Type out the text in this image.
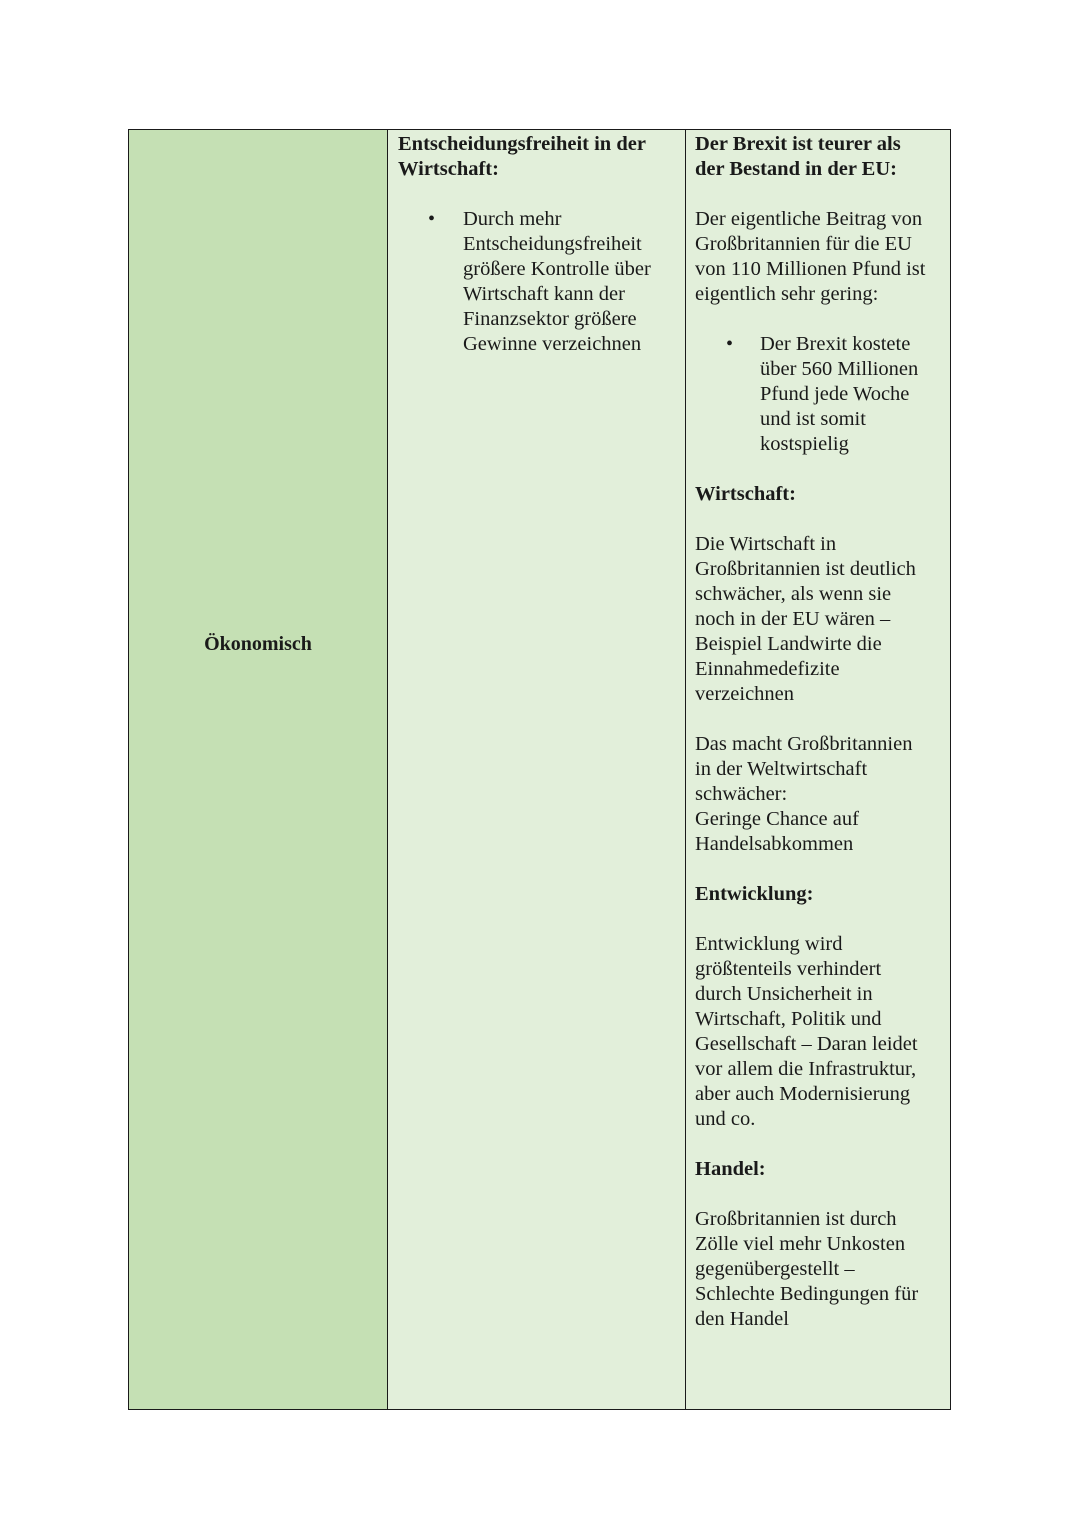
Ökonomisch

Entscheidungsfreiheit in der
Wirtschaft:

• Durch mehr
Entscheidungsfreiheit
größere Kontrolle über
Wirtschaft kann der
Finanzsektor größere
Gewinne verzeichnen

Der Brexit ist teurer als
der Bestand in der EU:

Der eigentliche Beitrag von
Großbritannien für die EU
von 110 Millionen Pfund ist
eigentlich sehr gering:

• Der Brexit kostete
über 560 Millionen
Pfund jede Woche
und ist somit
kostspielig

Wirtschaft:

Die Wirtschaft in
Großbritannien ist deutlich
schwächer, als wenn sie
noch in der EU wären –
Beispiel Landwirte die
Einnahmedefizite
verzeichnen

Das macht Großbritannien
in der Weltwirtschaft
schwächer:
Geringe Chance auf
Handelsabkommen

Entwicklung:

Entwicklung wird
größtenteils verhindert
durch Unsicherheit in
Wirtschaft, Politik und
Gesellschaft – Daran leidet
vor allem die Infrastruktur,
aber auch Modernisierung
und co.

Handel:

Großbritannien ist durch
Zölle viel mehr Unkosten
gegenübergestellt –
Schlechte Bedingungen für
den Handel
